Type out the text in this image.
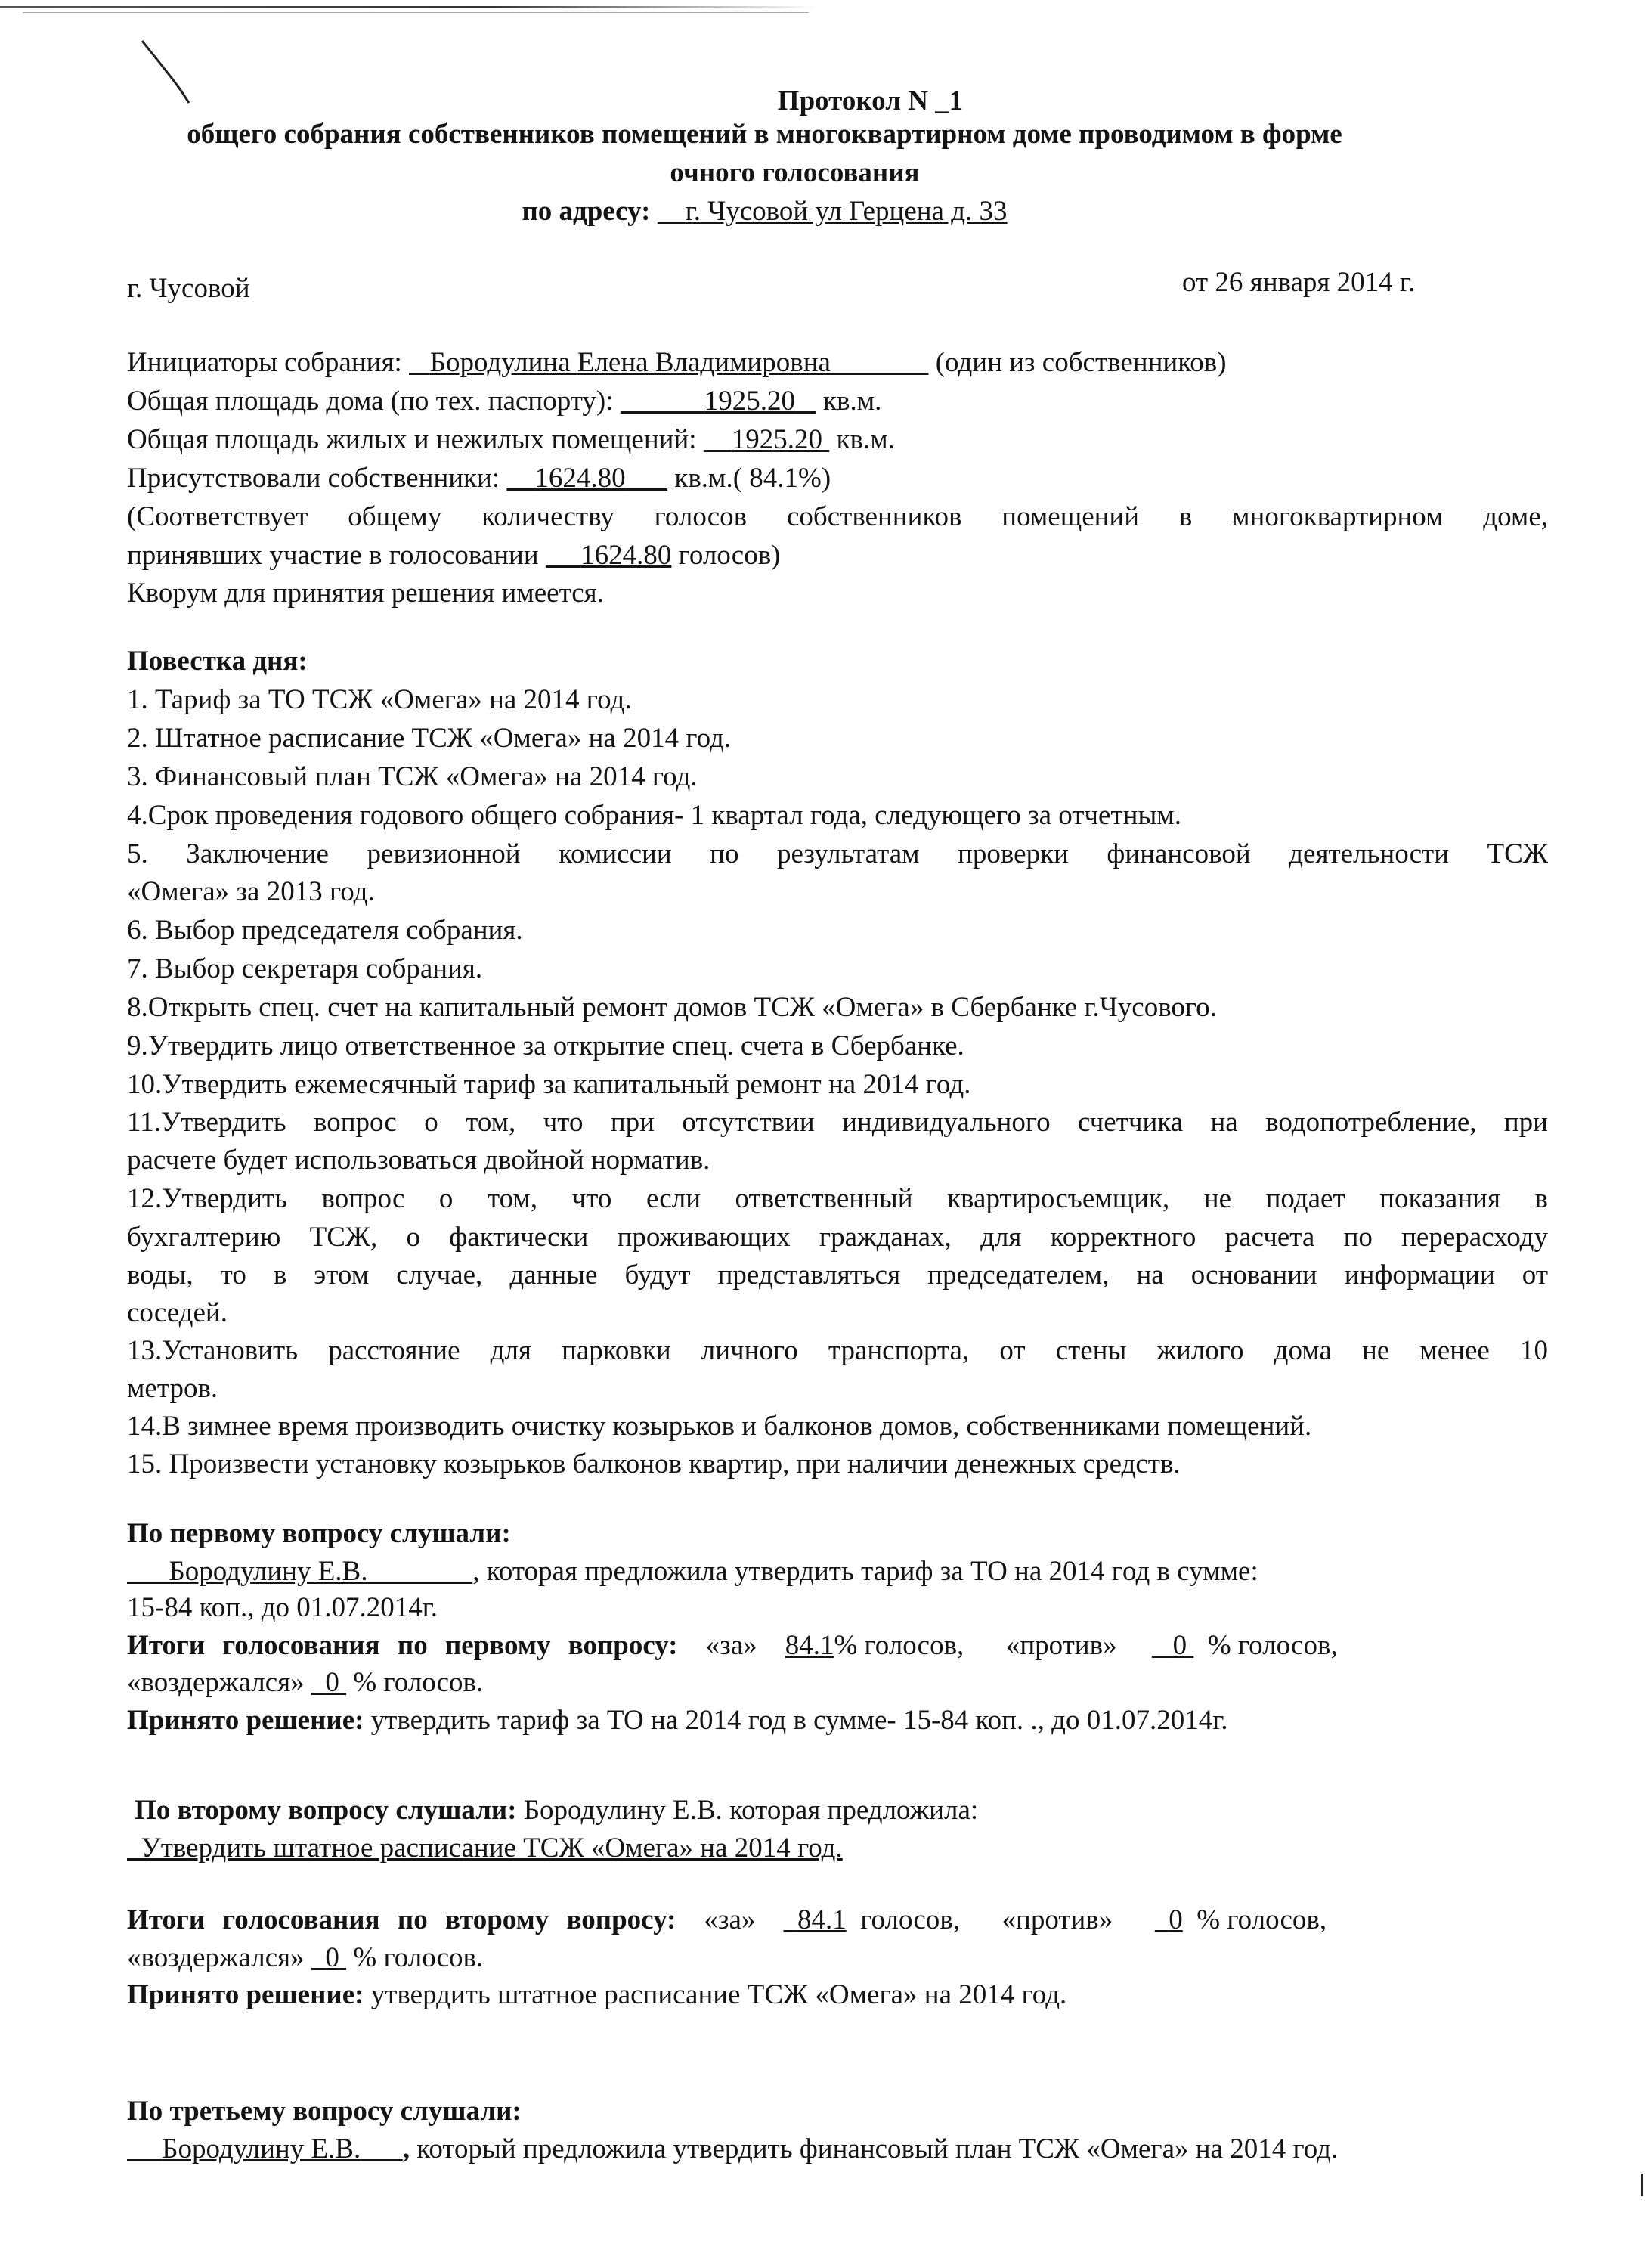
Протокол N _1
общего собрания собственников помещений в многоквартирном доме проводимом в форме
очного голосования
по адресу: г. Чусовой ул Герцена д. 33
г. Чусовой	от 26 января 2014 г.
Инициаторы собрания: Бородулина Елена Владимировна	(один из собственников)
Общая площадь дома (по тех. паспорту):	1925.20 кв.м.
Общая площадь жилых и нежилых помещений: 1925.20 кв.м.
Присутствовали собственники: 1624.80 кв.м.( 84.1%)
(Соответствует общему количеству голосов собственников помещений в многоквартирном доме,
принявших участие в голосовании 1624.80 голосов)
Кворум для принятия решения имеется.
Повестка дня:
1. Тариф за ТО ТСЖ «Омега» на 2014 год.
2. Штатное расписание ТСЖ «Омега» на 2014 год.
3. Финансовый план ТСЖ «Омега» на 2014 год.
4.Срок проведения годового общего собрания- 1 квартал года, следующего за отчетным.
5. Заключение ревизионной комиссии по результатам проверки финансовой деятельности ТСЖ
«Омега» за 2013 год.
6. Выбор председателя собрания.
7. Выбор секретаря собрания.
8.Открыть спец. счет на капитальный ремонт домов ТСЖ «Омега» в Сбербанке г.Чусового.
9.Утвердить лицо ответственное за открытие спец. счета в Сбербанке.
10.Утвердить ежемесячный тариф за капитальный ремонт на 2014 год.
11.Утвердить вопрос о том, что при отсутствии индивидуального счетчика на водопотребление, при
расчете будет использоваться двойной норматив.
12.Утвердить вопрос о том, что если ответственный квартиросъемщик, не подает показания в
бухгалтерию ТСЖ, о фактически проживающих гражданах, для корректного расчета по перерасходу
воды, то в этом случае, данные будут представляться председателем, на основании информации от
соседей.
13.Установить расстояние для парковки личного транспорта, от стены жилого дома не менее 10
метров.
14.В зимнее время производить очистку козырьков и балконов домов, собственниками помещений.
15. Произвести установку козырьков балконов квартир, при наличии денежных средств.
По первому вопросу слушали:
Бородулину Е.В.	, которая предложила утвердить тариф за ТО на 2014 год в сумме:
15-84 коп., до 01.07.2014г.
Итоги голосования по первому вопросу: «за» 84.1% голосов, «против» 0 % голосов,
«воздержался» 0 % голосов.
Принято решение: утвердить тариф за ТО на 2014 год в сумме- 15-84 коп. ., до 01.07.2014г.
По второму вопросу слушали: Бородулину Е.В. которая предложила:
Утвердить штатное расписание ТСЖ «Омега» на 2014 год.
Итоги голосования по второму вопросу: «за» 84.1 голосов, «против» 0 % голосов,
«воздержался» 0 % голосов.
Принято решение: утвердить штатное расписание ТСЖ «Омега» на 2014 год.
По третьему вопросу слушали:
Бородулину Е.В. , который предложила утвердить финансовый план ТСЖ «Омега» на 2014 год.
